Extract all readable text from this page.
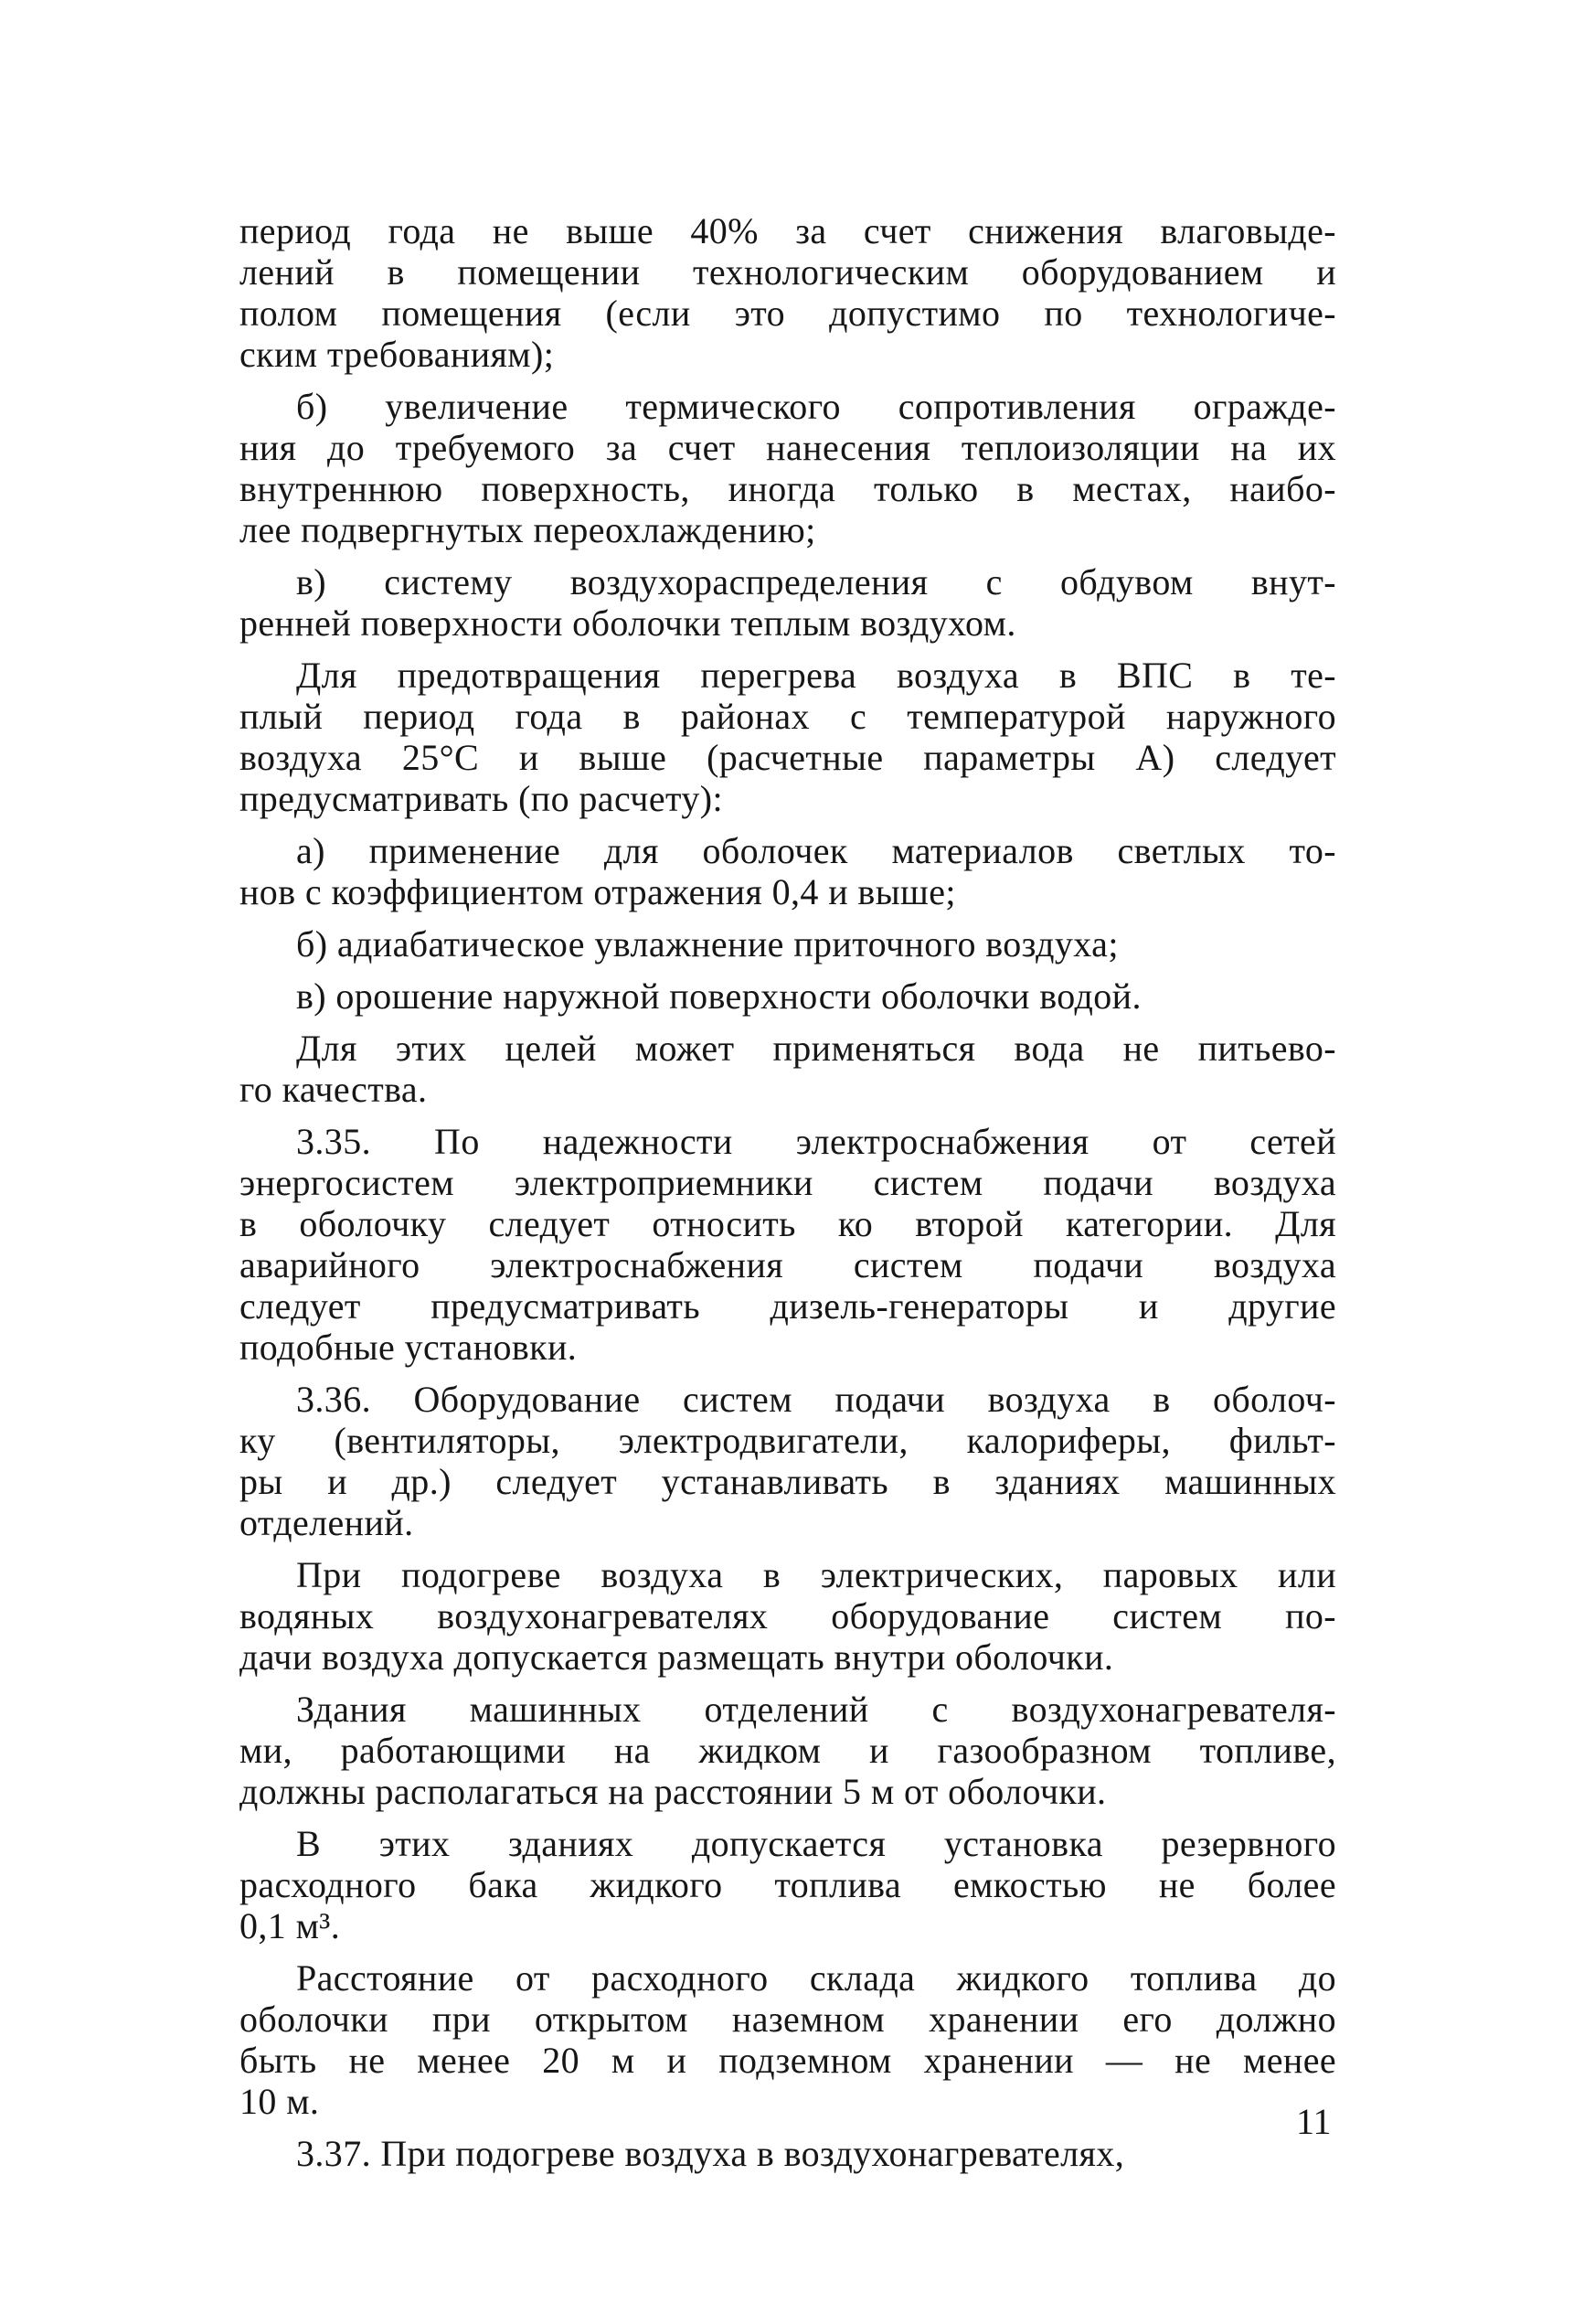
период года не выше 40% за счет снижения влаговыде-
лений в помещении технологическим оборудованием и
полом помещения (если это допустимо по технологиче-
ским требованиям);
б) увеличение термического сопротивления огражде-
ния до требуемого за счет нанесения теплоизоляции на их
внутреннюю поверхность, иногда только в местах, наибо-
лее подвергнутых переохлаждению;
в) систему воздухораспределения с обдувом внут-
ренней поверхности оболочки теплым воздухом.
Для предотвращения перегрева воздуха в ВПС в те-
плый период года в районах с температурой наружного
воздуха 25°С и выше (расчетные параметры А) следует
предусматривать (по расчету):
а) применение для оболочек материалов светлых то-
нов с коэффициентом отражения 0,4 и выше;
б) адиабатическое увлажнение приточного воздуха;
в) орошение наружной поверхности оболочки водой.
Для этих целей может применяться вода не питьево-
го качества.
3.35. По надежности электроснабжения от сетей
энергосистем электроприемники систем подачи воздуха
в оболочку следует относить ко второй категории. Для
аварийного электроснабжения систем подачи воздуха
следует предусматривать дизель-генераторы и другие
подобные установки.
3.36. Оборудование систем подачи воздуха в оболоч-
ку (вентиляторы, электродвигатели, калориферы, фильт-
ры и др.) следует устанавливать в зданиях машинных
отделений.
При подогреве воздуха в электрических, паровых или
водяных воздухонагревателях оборудование систем по-
дачи воздуха допускается размещать внутри оболочки.
Здания машинных отделений с воздухонагревателя-
ми, работающими на жидком и газообразном топливе,
должны располагаться на расстоянии 5 м от оболочки.
В этих зданиях допускается установка резервного
расходного бака жидкого топлива емкостью не более
0,1 м³.
Расстояние от расходного склада жидкого топлива до
оболочки при открытом наземном хранении его должно
быть не менее 20 м и подземном хранении — не менее
10 м.
3.37. При подогреве воздуха в воздухонагревателях,
11
